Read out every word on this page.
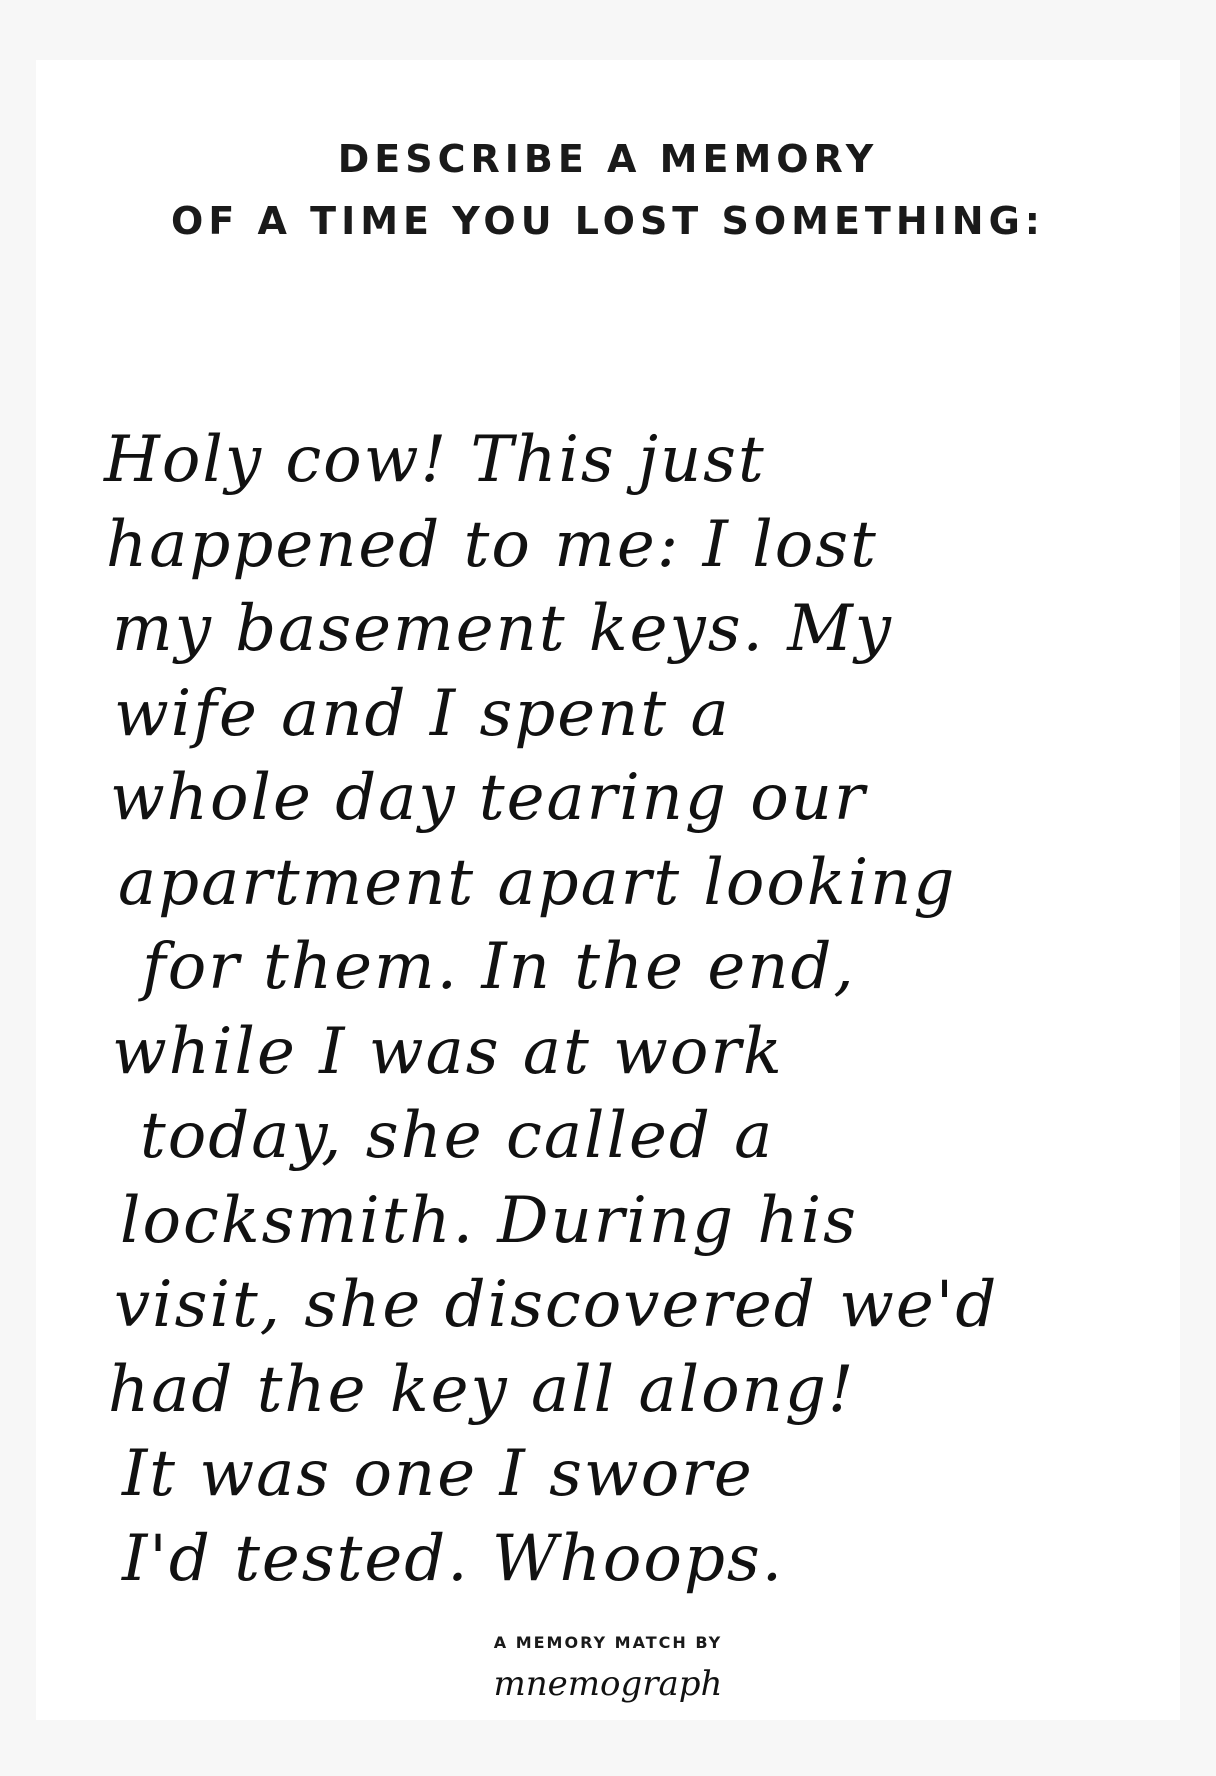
DESCRIBE A MEMORY
OF A TIME YOU LOST SOMETHING:
Holy cow! This just
happened to me: I lost
my basement keys. My
wife and I spent a
whole day tearing our
apartment apart looking
for them. In the end,
while I was at work
today, she called a
locksmith. During his
visit, she discovered we'd
had the key all along!
It was one I swore
I'd tested. Whoops.
A MEMORY MATCH BY
mnemograph
